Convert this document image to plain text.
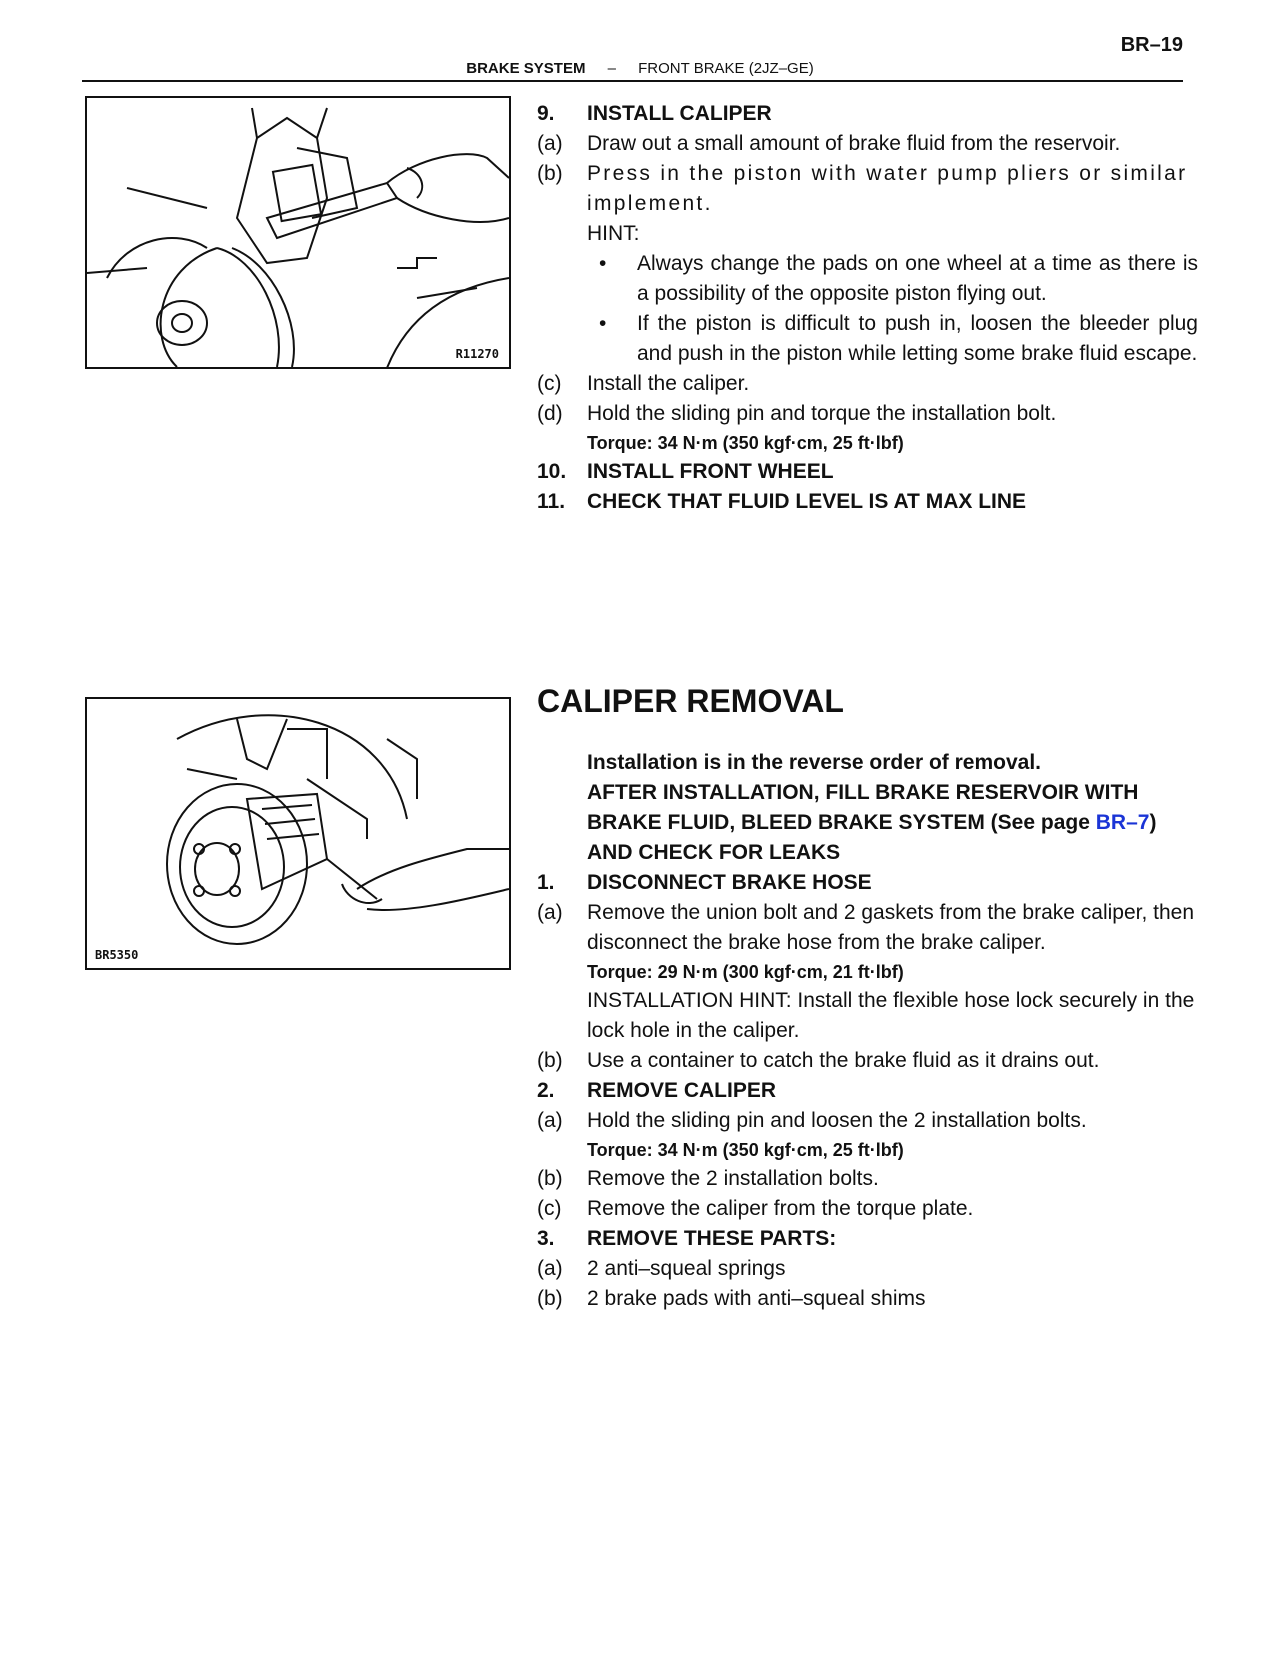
BR–19
BRAKE SYSTEM – FRONT BRAKE (2JZ–GE)
R11270
BR5350
9. INSTALL CALIPER
(a) Draw out a small amount of brake fluid from the reservoir.
(b) Press in the piston with water pump pliers or similar implement.
HINT:
• Always change the pads on one wheel at a time as there is a possibility of the opposite piston flying out.
• If the piston is difficult to push in, loosen the bleeder plug and push in the piston while letting some brake fluid escape.
(c) Install the caliper.
(d) Hold the sliding pin and torque the installation bolt.
Torque: 34 N·m (350 kgf·cm, 25 ft·lbf)
10. INSTALL FRONT WHEEL
11. CHECK THAT FLUID LEVEL IS AT MAX LINE
CALIPER REMOVAL
Installation is in the reverse order of removal.
AFTER INSTALLATION, FILL BRAKE RESERVOIR WITH BRAKE FLUID, BLEED BRAKE SYSTEM (See page BR–7)
AND CHECK FOR LEAKS
1. DISCONNECT BRAKE HOSE
(a) Remove the union bolt and 2 gaskets from the brake caliper, then disconnect the brake hose from the brake caliper.
Torque: 29 N·m (300 kgf·cm, 21 ft·lbf)
INSTALLATION HINT: Install the flexible hose lock securely in the lock hole in the caliper.
(b) Use a container to catch the brake fluid as it drains out.
2. REMOVE CALIPER
(a) Hold the sliding pin and loosen the 2 installation bolts.
Torque: 34 N·m (350 kgf·cm, 25 ft·lbf)
(b) Remove the 2 installation bolts.
(c) Remove the caliper from the torque plate.
3. REMOVE THESE PARTS:
(a) 2 anti–squeal springs
(b) 2 brake pads with anti–squeal shims
